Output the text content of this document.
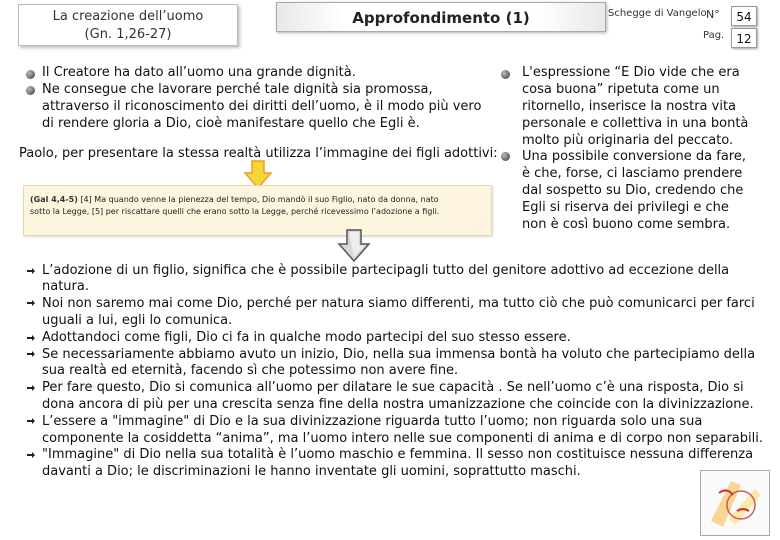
La creazione dell’uomo
(Gn. 1,26-27)
Approfondimento (1)	Schegge di Vangelo N°	54
Pag.	12
Il Creatore ha dato all’uomo una grande dignità.
Ne consegue che lavorare perché tale dignità sia promossa,
attraverso il riconoscimento dei diritti dell’uomo, è il modo più vero
di rendere gloria a Dio, cioè manifestare quello che Egli è.
Paolo, per presentare la stessa realtà utilizza l’immagine dei figli adottivi:
(Gal 4,4-5) [4] Ma quando venne la pienezza del tempo, Dio mandò il suo Figlio, nato da donna, nato
sotto la Legge, [5] per riscattare quelli che erano sotto la Legge, perché ricevessimo l’adozione a figli.
L'espressione “E Dio vide che era
cosa buona” ripetuta come un
ritornello, inserisce la nostra vita
personale e collettiva in una bontà
molto più originaria del peccato.
Una possibile conversione da fare,
è che, forse, ci lasciamo prendere
dal sospetto su Dio, credendo che
Egli si riserva dei privilegi e che
non è così buono come sembra.
L’adozione di un figlio, significa che è possibile partecipagli tutto del genitore adottivo ad eccezione della
natura.
Noi non saremo mai come Dio, perché per natura siamo differenti, ma tutto ciò che può comunicarci per farci
uguali a lui, egli lo comunica.
Adottandoci come figli, Dio ci fa in qualche modo partecipi del suo stesso essere.
Se necessariamente abbiamo avuto un inizio, Dio, nella sua immensa bontà ha voluto che partecipiamo della
sua realtà ed eternità, facendo sì che potessimo non avere fine.
Per fare questo, Dio si comunica all’uomo per dilatare le sue capacità . Se nell’uomo c’è una risposta, Dio si
dona ancora di più per una crescita senza fine della nostra umanizzazione che coincide con la divinizzazione.
L’essere a "immagine" di Dio e la sua divinizzazione riguarda tutto l’uomo; non riguarda solo una sua
componente la cosiddetta “anima”, ma l’uomo intero nelle sue componenti di anima e di corpo non separabili.
"Immagine" di Dio nella sua totalità è l’uomo maschio e femmina. Il sesso non costituisce nessuna differenza
davanti a Dio; le discriminazioni le hanno inventate gli uomini, soprattutto maschi.
